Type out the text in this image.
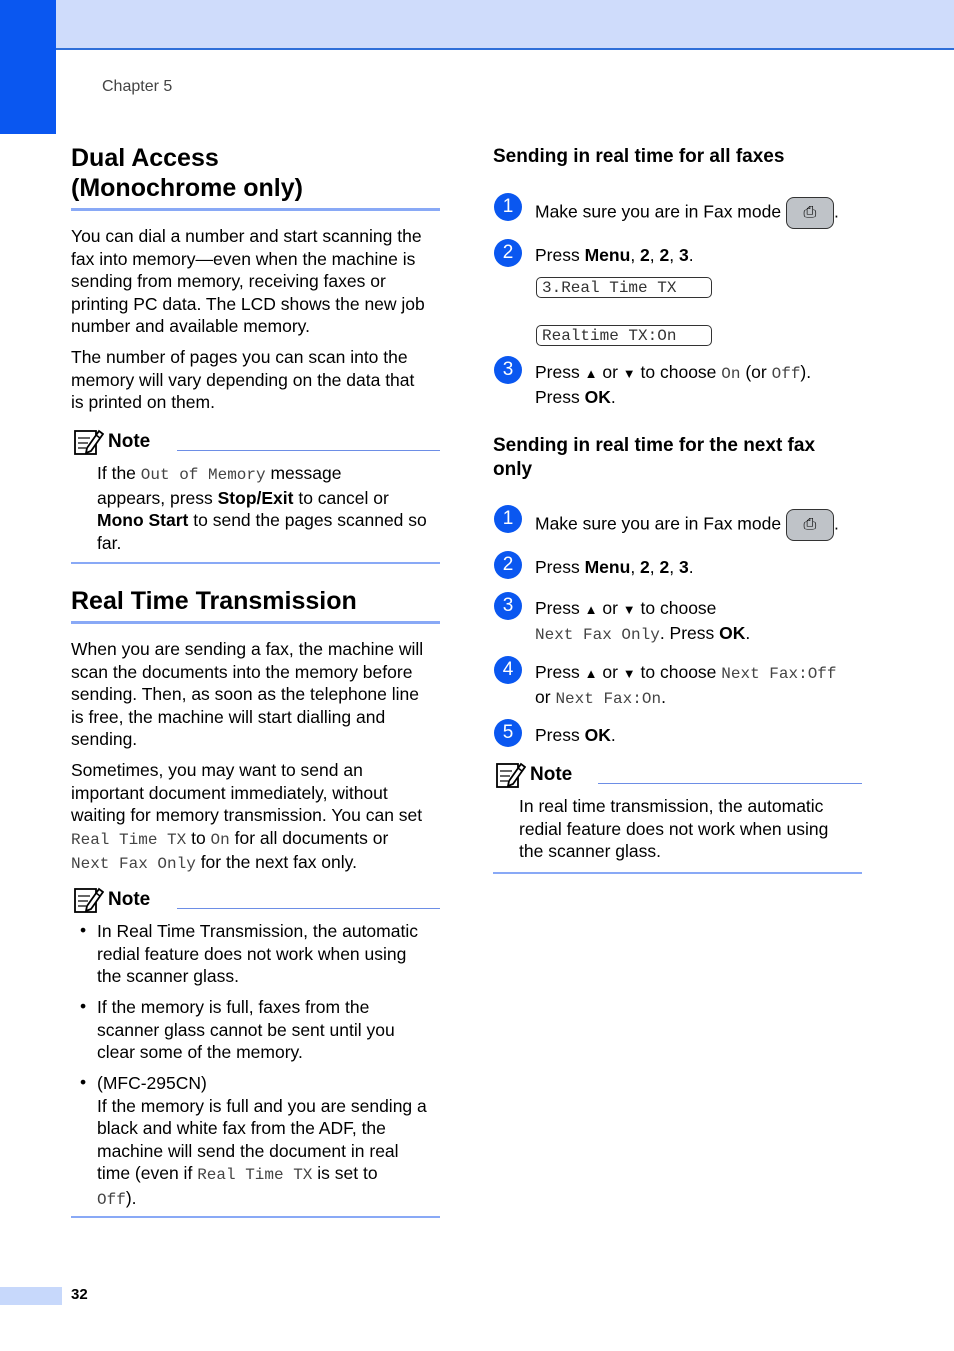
Chapter 5
32
Dual Access
(Monochrome only)

You can dial a number and start scanning the
fax into memory—even when the machine is
sending from memory, receiving faxes or
printing PC data. The LCD shows the new job
number and available memory.

The number of pages you can scan into the
memory will vary depending on the data that
is printed on them.

Note

If the Out of Memory message
appears, press Stop/Exit to cancel or
Mono Start to send the pages scanned so
far.

Real Time Transmission

When you are sending a fax, the machine will
scan the documents into the memory before
sending. Then, as soon as the telephone line
is free, the machine will start dialling and
sending.

Sometimes, you may want to send an
important document immediately, without
waiting for memory transmission. You can set
Real Time TX to On for all documents or
Next Fax Only for the next fax only.

Note
• In Real Time Transmission, the automatic
redial feature does not work when using
the scanner glass.

• If the memory is full, faxes from the
scanner glass cannot be sent until you
clear some of the memory.

• (MFC-295CN)
If the memory is full and you are sending a
black and white fax from the ADF, the
machine will send the document in real
time (even if Real Time TX is set to
Off).

Sending in real time for all faxes
1	Make sure you are in Fax mode ⎙ .

2	Press Menu, 2, 2, 3.

3.Real Time TX
Realtime TX:On
3	Press ▲ or ▼ to choose On (or Off).
Press OK.

Sending in real time for the next fax
only
1	Make sure you are in Fax mode ⎙ .

2	Press Menu, 2, 2, 3.

3	Press ▲ or ▼ to choose
Next Fax Only. Press OK.

4	Press ▲ or ▼ to choose Next Fax:Off
or Next Fax:On.

5	Press OK.

Note

In real time transmission, the automatic
redial feature does not work when using
the scanner glass.
